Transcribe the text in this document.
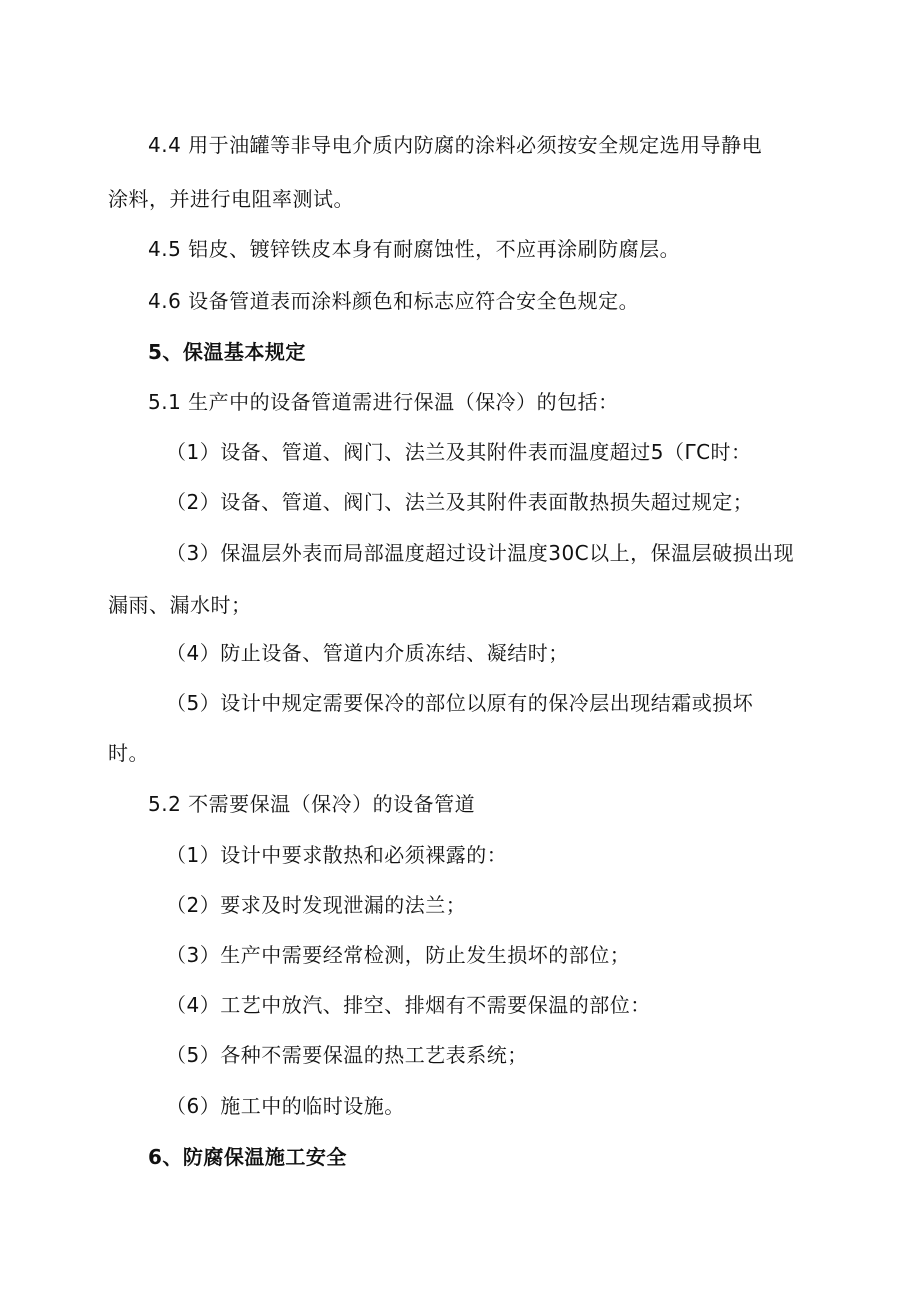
4.4 用于油罐等非导电介质内防腐的涂料必须按安全规定选用导静电
涂料，并进行电阻率测试。
4.5 铝皮、镀锌铁皮本身有耐腐蚀性，不应再涂刷防腐层。
4.6 设备管道表而涂料颜色和标志应符合安全色规定。
5、保温基本规定
5.1 生产中的设备管道需进行保温（保冷）的包括：
（1）设备、管道、阀门、法兰及其附件表而温度超过5（ΓC时：
（2）设备、管道、阀门、法兰及其附件表面散热损失超过规定；
（3）保温层外表而局部温度超过设计温度30C以上，保温层破损出现
漏雨、漏水时；
（4）防止设备、管道内介质冻结、凝结时；
（5）设计中规定需要保冷的部位以原有的保冷层出现结霜或损坏
时。
5.2 不需要保温（保冷）的设备管道
（1）设计中要求散热和必须裸露的：
（2）要求及时发现泄漏的法兰；
（3）生产中需要经常检测，防止发生损坏的部位；
（4）工艺中放汽、排空、排烟有不需要保温的部位：
（5）各种不需要保温的热工艺表系统；
（6）施工中的临时设施。
6、防腐保温施工安全
